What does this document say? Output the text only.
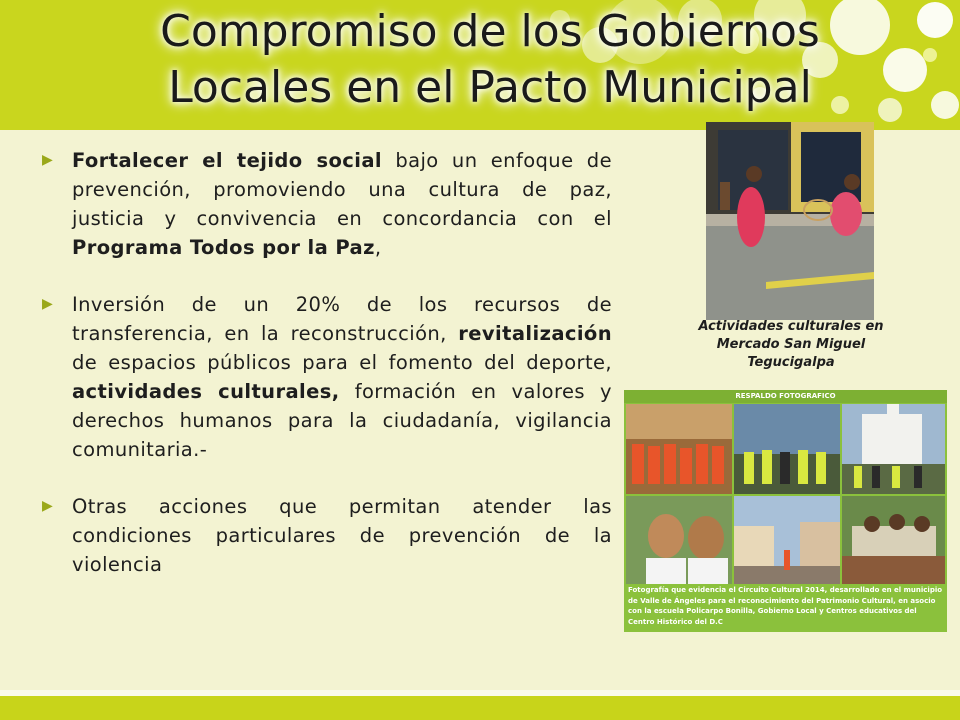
Compromiso de los Gobiernos
Locales en el Pacto Municipal
▶ Fortalecer el tejido social bajo un enfoque de prevención, promoviendo una cultura de paz, justicia y convivencia en concordancia con el Programa Todos por la Paz,
▶ Inversión de un 20% de los recursos de transferencia, en la reconstrucción, revitalización de espacios públicos para el fomento del deporte, actividades culturales, formación en valores y derechos humanos para la ciudadanía, vigilancia comunitaria.-
▶ Otras acciones que permitan atender las condiciones particulares de prevención de la violencia

Actividades culturales en
Mercado San Miguel
Tegucigalpa

RESPALDO FOTOGRAFICO

Fotografía que evidencia el Circuito Cultural 2014, desarrollado en el municipio de Valle de Ángeles para el reconocimiento del Patrimonio Cultural, en asocio con la escuela Policarpo Bonilla, Gobierno Local y Centros educativos del Centro Histórico del D.C
